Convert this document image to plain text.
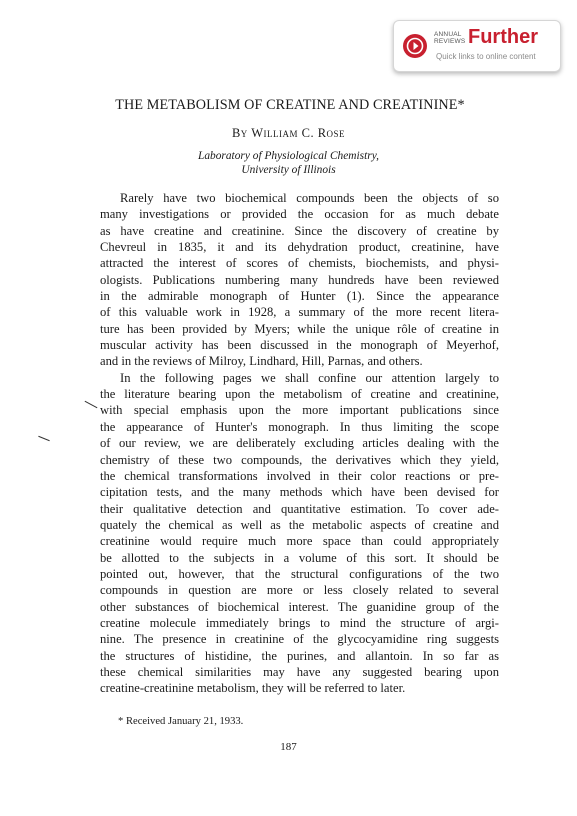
ANNUAL
REVIEWS Further
Quick links to online content
THE METABOLISM OF CREATINE AND CREATININE*
By William C. Rose
Laboratory of Physiological Chemistry,
University of Illinois
Rarely have two biochemical compounds been the objects of so
many investigations or provided the occasion for as much debate
as have creatine and creatinine. Since the discovery of creatine by
Chevreul in 1835, it and its dehydration product, creatinine, have
attracted the interest of scores of chemists, biochemists, and physi-
ologists. Publications numbering many hundreds have been reviewed
in the admirable monograph of Hunter (1). Since the appearance
of this valuable work in 1928, a summary of the more recent litera-
ture has been provided by Myers; while the unique rôle of creatine in
muscular activity has been discussed in the monograph of Meyerhof,
and in the reviews of Milroy, Lindhard, Hill, Parnas, and others.
In the following pages we shall confine our attention largely to
the literature bearing upon the metabolism of creatine and creatinine,
with special emphasis upon the more important publications since
the appearance of Hunter's monograph. In thus limiting the scope
of our review, we are deliberately excluding articles dealing with the
chemistry of these two compounds, the derivatives which they yield,
the chemical transformations involved in their color reactions or pre-
cipitation tests, and the many methods which have been devised for
their qualitative detection and quantitative estimation. To cover ade-
quately the chemical as well as the metabolic aspects of creatine and
creatinine would require much more space than could appropriately
be allotted to the subjects in a volume of this sort. It should be
pointed out, however, that the structural configurations of the two
compounds in question are more or less closely related to several
other substances of biochemical interest. The guanidine group of the
creatine molecule immediately brings to mind the structure of argi-
nine. The presence in creatinine of the glycocyamidine ring suggests
the structures of histidine, the purines, and allantoin. In so far as
these chemical similarities may have any suggested bearing upon
creatine-creatinine metabolism, they will be referred to later.
* Received January 21, 1933.
187
